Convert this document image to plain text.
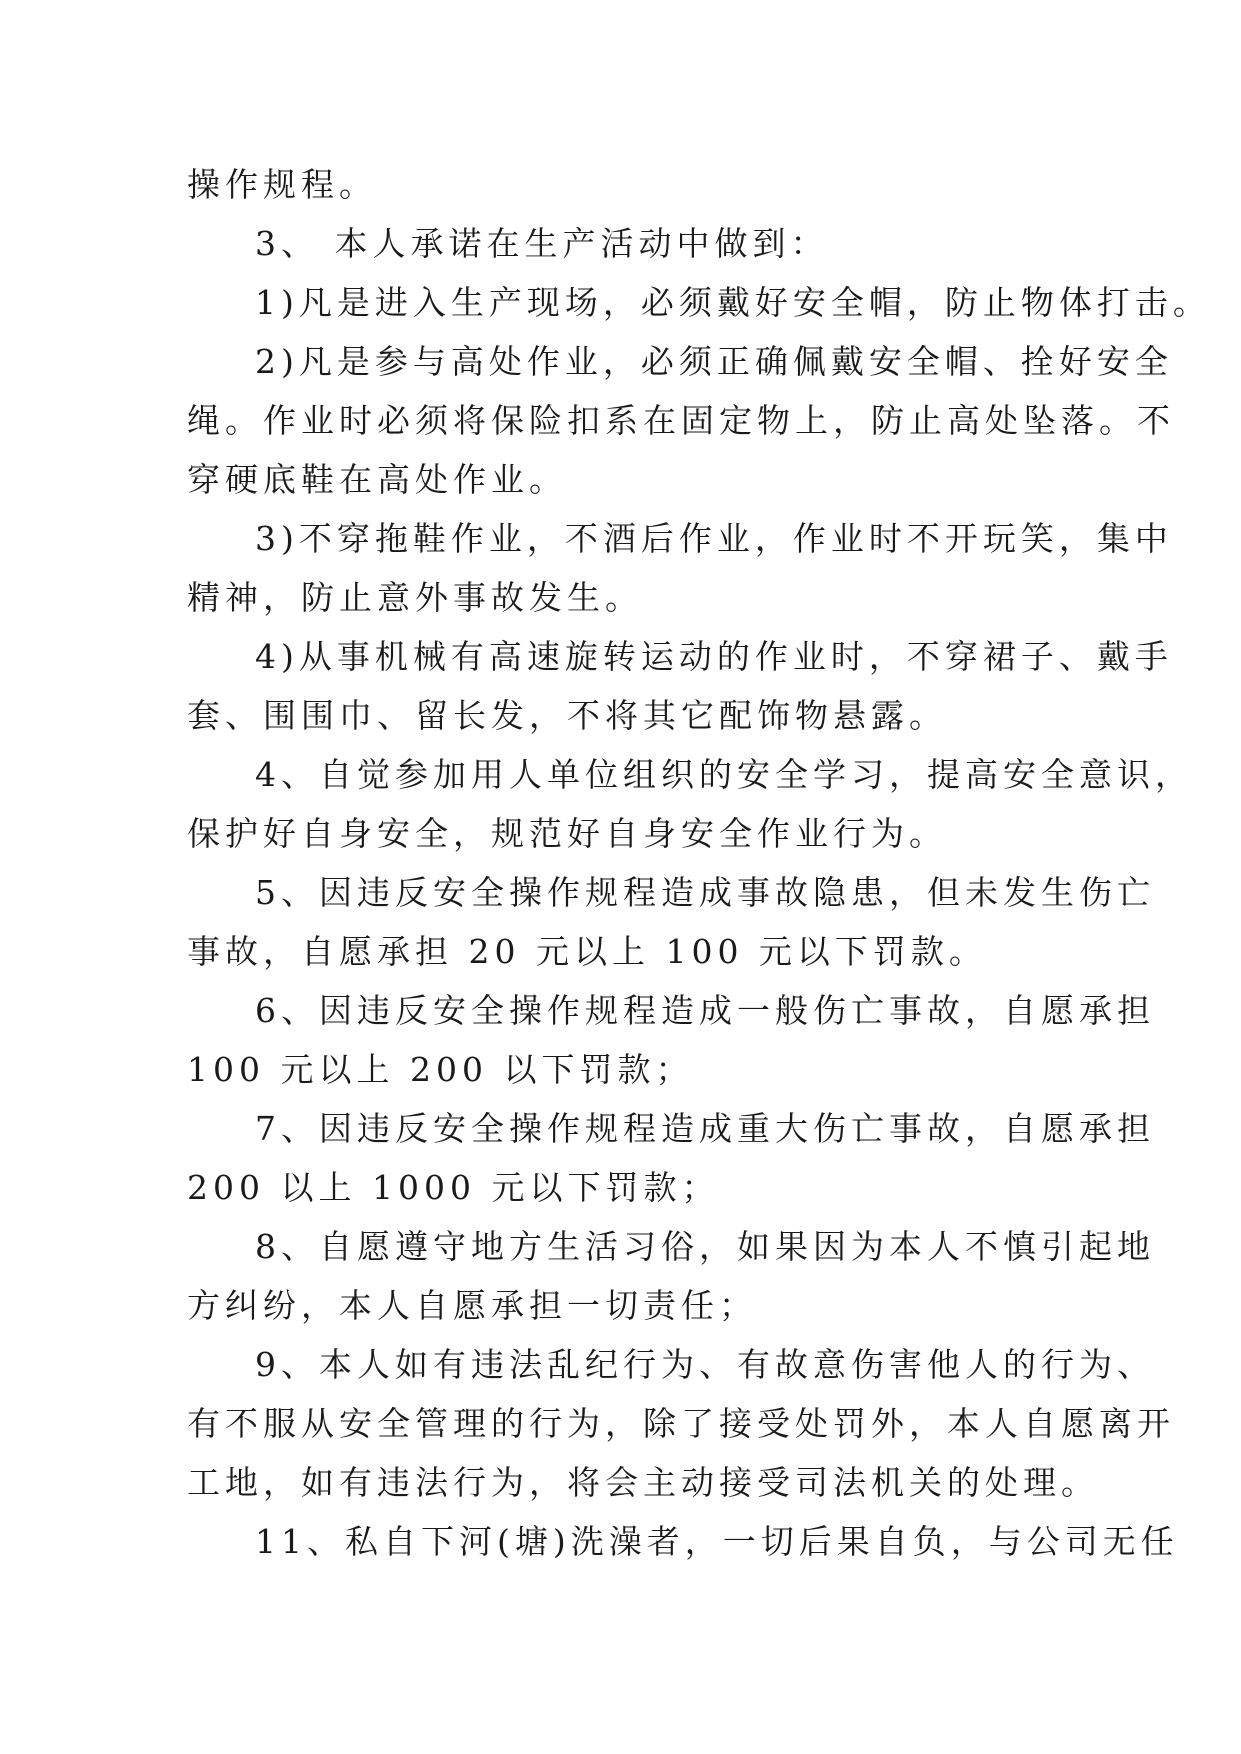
操作规程。
3、 本人承诺在生产活动中做到：
1)凡是进入生产现场，必须戴好安全帽，防止物体打击。
2)凡是参与高处作业，必须正确佩戴安全帽、拴好安全
绳。作业时必须将保险扣系在固定物上，防止高处坠落。不
穿硬底鞋在高处作业。
3)不穿拖鞋作业，不酒后作业，作业时不开玩笑，集中
精神，防止意外事故发生。
4)从事机械有高速旋转运动的作业时，不穿裙子、戴手
套、围围巾、留长发，不将其它配饰物悬露。
4、自觉参加用人单位组织的安全学习，提高安全意识，
保护好自身安全，规范好自身安全作业行为。
5、因违反安全操作规程造成事故隐患，但未发生伤亡
事故，自愿承担 20 元以上 100 元以下罚款。
6、因违反安全操作规程造成一般伤亡事故，自愿承担
100 元以上 200 以下罚款；
7、因违反安全操作规程造成重大伤亡事故，自愿承担
200 以上 1000 元以下罚款；
8、自愿遵守地方生活习俗，如果因为本人不慎引起地
方纠纷，本人自愿承担一切责任；
9、本人如有违法乱纪行为、有故意伤害他人的行为、
有不服从安全管理的行为，除了接受处罚外，本人自愿离开
工地，如有违法行为，将会主动接受司法机关的处理。
11、私自下河(塘)洗澡者，一切后果自负，与公司无任
